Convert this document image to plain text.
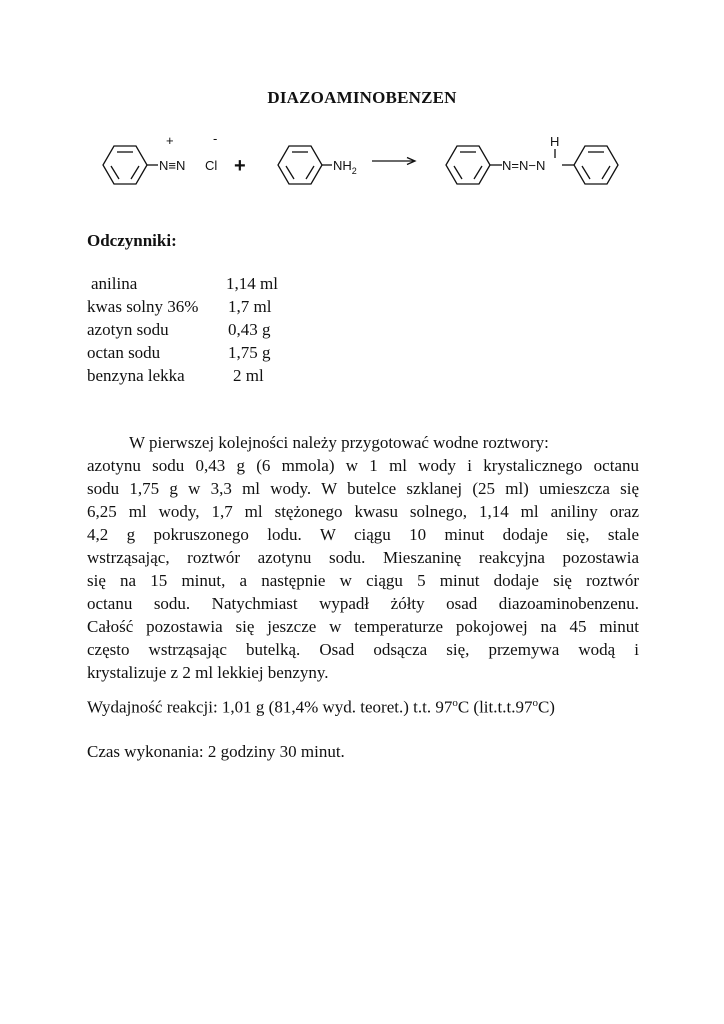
DIAZOAMINOBENZEN
+	-
N≡N Cl +	$NH_2$	N=N−N
H
Odczynniki:
anilina	1,14 ml
kwas solny 36% 1,7 ml
azotyn sodu	0,43 g
octan sodu	1,75 g
benzyna lekka	2 ml
W pierwszej kolejności należy przygotować wodne roztwory:
azotynu sodu 0,43 g (6 mmola) w 1 ml wody i krystalicznego octanu
sodu 1,75 g w 3,3 ml wody. W butelce szklanej (25 ml) umieszcza się
6,25 ml wody, 1,7 ml stężonego kwasu solnego, 1,14 ml aniliny oraz
4,2 g pokruszonego lodu. W ciągu 10 minut dodaje się, stale
wstrząsając, roztwór azotynu sodu. Mieszaninę reakcyjna pozostawia
się na 15 minut, a następnie w ciągu 5 minut dodaje się roztwór
octanu sodu. Natychmiast wypadł żółty osad diazoaminobenzenu.
Całość pozostawia się jeszcze w temperaturze pokojowej na 45 minut
często wstrząsając butelką. Osad odsącza się, przemywa wodą i
krystalizuje z 2 ml lekkiej benzyny.
Wydajność reakcji: 1,01 g (81,4% wyd. teoret.) t.t. 97$^o$C (lit.t.t.97$^o$C)
Czas wykonania: 2 godziny 30 minut.
